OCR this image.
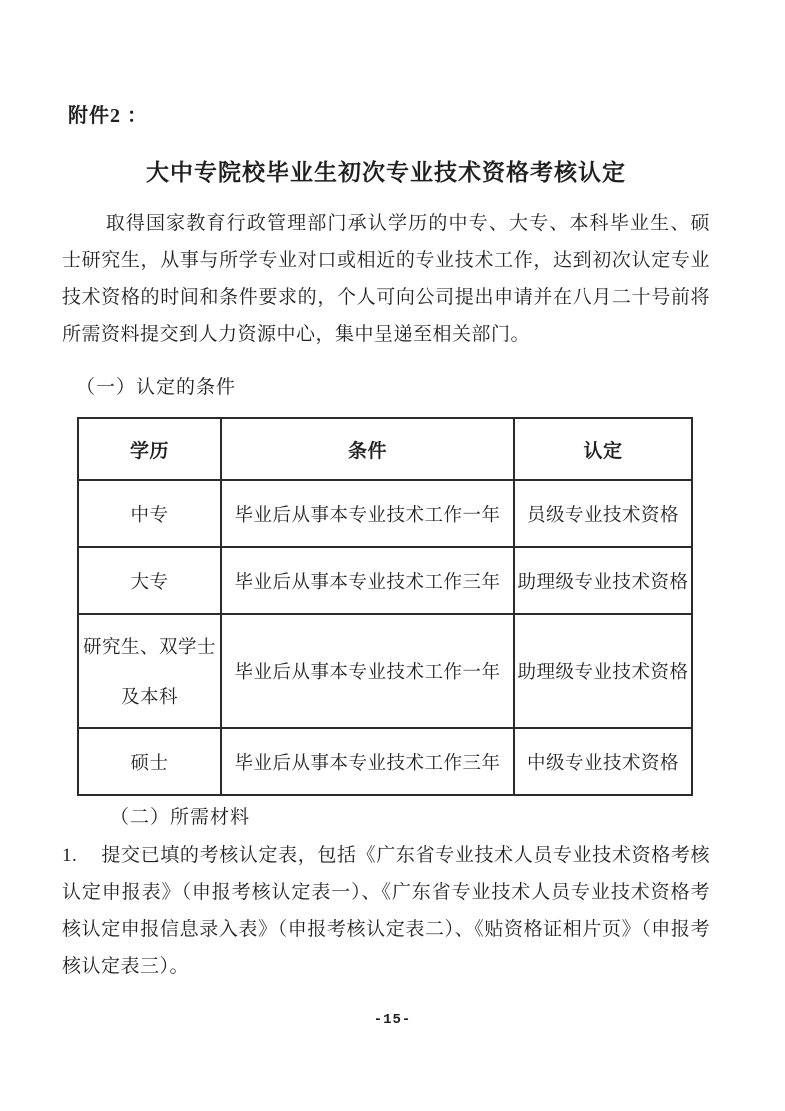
附件2 ：
大中专院校毕业生初次专业技术资格考核认定

取得国家教育行政管理部门承认学历的中专、大专、本科毕业生、硕士研究生，从事与所学专业对口或相近的专业技术工作，达到初次认定专业技术资格的时间和条件要求的，个人可向公司提出申请并在八月二十号前将所需资料提交到人力资源中心，集中呈递至相关部门。

（一）认定的条件
学历	条件	认定

中专	毕业后从事本专业技术工作一年	员级专业技术资格

大专	毕业后从事本专业技术工作三年	助理级专业技术资格

研究生、双学士
及本科	毕业后从事本专业技术工作一年	助理级专业技术资格

硕士	毕业后从事本专业技术工作三年	中级专业技术资格
（二）所需材料

1. 提交已填的考核认定表，包括《广东省专业技术人员专业技术资格考核认定申报表》（申报考核认定表一）、《广东省专业技术人员专业技术资格考核认定申报信息录入表》（申报考核认定表二）、《贴资格证相片页》（申报考核认定表三）。

-15-
